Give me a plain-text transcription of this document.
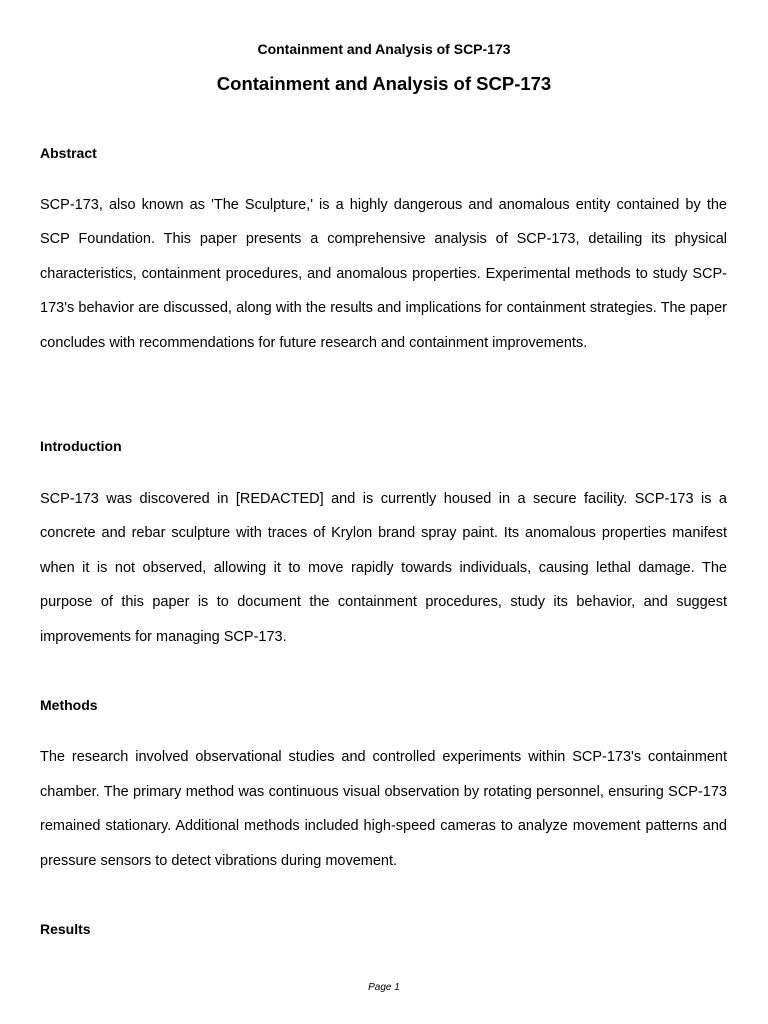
Containment and Analysis of SCP-173
Containment and Analysis of SCP-173
Abstract

SCP-173, also known as 'The Sculpture,' is a highly dangerous and anomalous entity contained by the SCP Foundation. This paper presents a comprehensive analysis of SCP-173, detailing its physical characteristics, containment procedures, and anomalous properties. Experimental methods to study SCP-173's behavior are discussed, along with the results and implications for containment strategies. The paper concludes with recommendations for future research and containment improvements.

Introduction

SCP-173 was discovered in [REDACTED] and is currently housed in a secure facility. SCP-173 is a concrete and rebar sculpture with traces of Krylon brand spray paint. Its anomalous properties manifest when it is not observed, allowing it to move rapidly towards individuals, causing lethal damage. The purpose of this paper is to document the containment procedures, study its behavior, and suggest improvements for managing SCP-173.

Methods

The research involved observational studies and controlled experiments within SCP-173's containment chamber. The primary method was continuous visual observation by rotating personnel, ensuring SCP-173 remained stationary. Additional methods included high-speed cameras to analyze movement patterns and pressure sensors to detect vibrations during movement.

Results
Page 1
